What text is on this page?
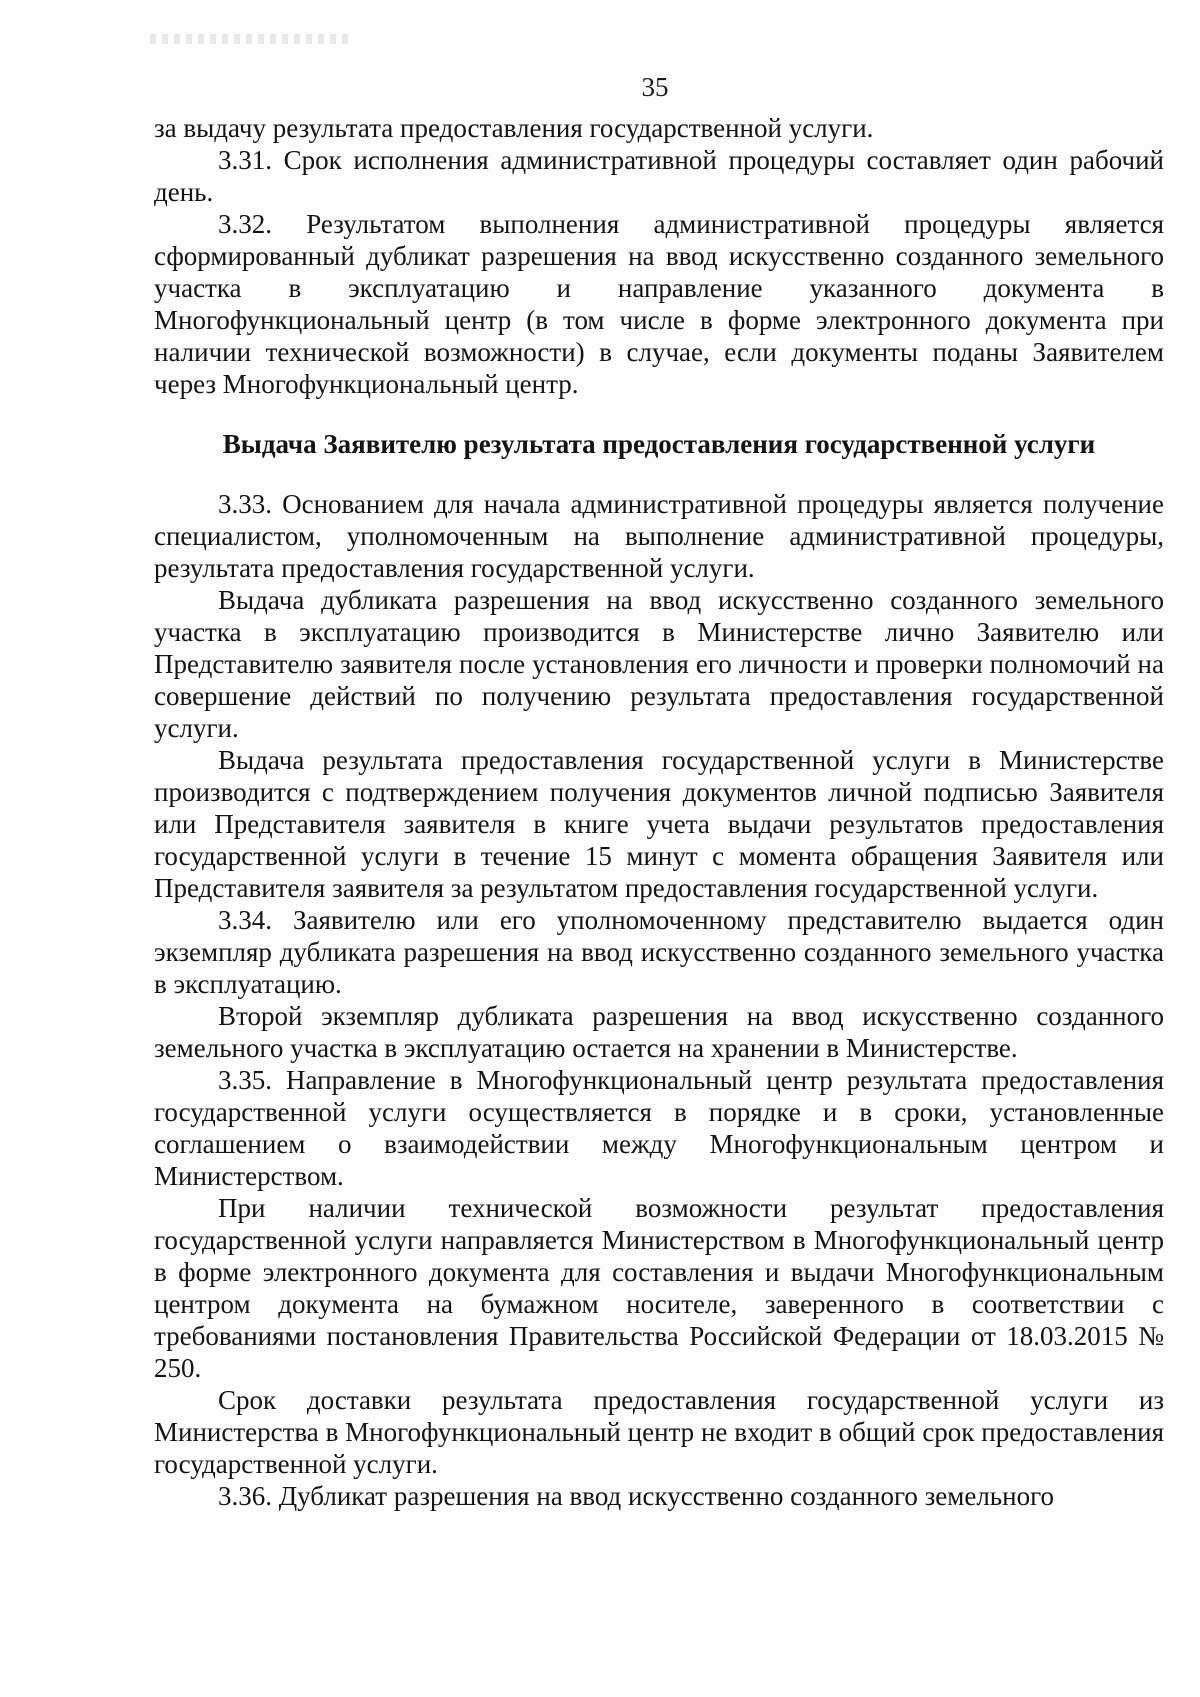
35

за выдачу результата предоставления государственной услуги.

3.31. Срок исполнения административной процедуры составляет один рабочий день.

3.32. Результатом выполнения административной процедуры является сформированный дубликат разрешения на ввод искусственно созданного земельного участка в эксплуатацию и направление указанного документа в Многофункциональный центр (в том числе в форме электронного документа при наличии технической возможности) в случае, если документы поданы Заявителем через Многофункциональный центр.

Выдача Заявителю результата предоставления государственной услуги

3.33. Основанием для начала административной процедуры является получение специалистом, уполномоченным на выполнение административной процедуры, результата предоставления государственной услуги.

Выдача дубликата разрешения на ввод искусственно созданного земельного участка в эксплуатацию производится в Министерстве лично Заявителю или Представителю заявителя после установления его личности и проверки полномочий на совершение действий по получению результата предоставления государственной услуги.

Выдача результата предоставления государственной услуги в Министерстве производится с подтверждением получения документов личной подписью Заявителя или Представителя заявителя в книге учета выдачи результатов предоставления государственной услуги в течение 15 минут с момента обращения Заявителя или Представителя заявителя за результатом предоставления государственной услуги.

3.34. Заявителю или его уполномоченному представителю выдается один экземпляр дубликата разрешения на ввод искусственно созданного земельного участка в эксплуатацию.

Второй экземпляр дубликата разрешения на ввод искусственно созданного земельного участка в эксплуатацию остается на хранении в Министерстве.

3.35. Направление в Многофункциональный центр результата предоставления государственной услуги осуществляется в порядке и в сроки, установленные соглашением о взаимодействии между Многофункциональным центром и Министерством.

При наличии технической возможности результат предоставления государственной услуги направляется Министерством в Многофункциональный центр в форме электронного документа для составления и выдачи Многофункциональным центром документа на бумажном носителе, заверенного в соответствии с требованиями постановления Правительства Российской Федерации от 18.03.2015 № 250.

Срок доставки результата предоставления государственной услуги из Министерства в Многофункциональный центр не входит в общий срок предоставления государственной услуги.

3.36. Дубликат разрешения на ввод искусственно созданного земельного
